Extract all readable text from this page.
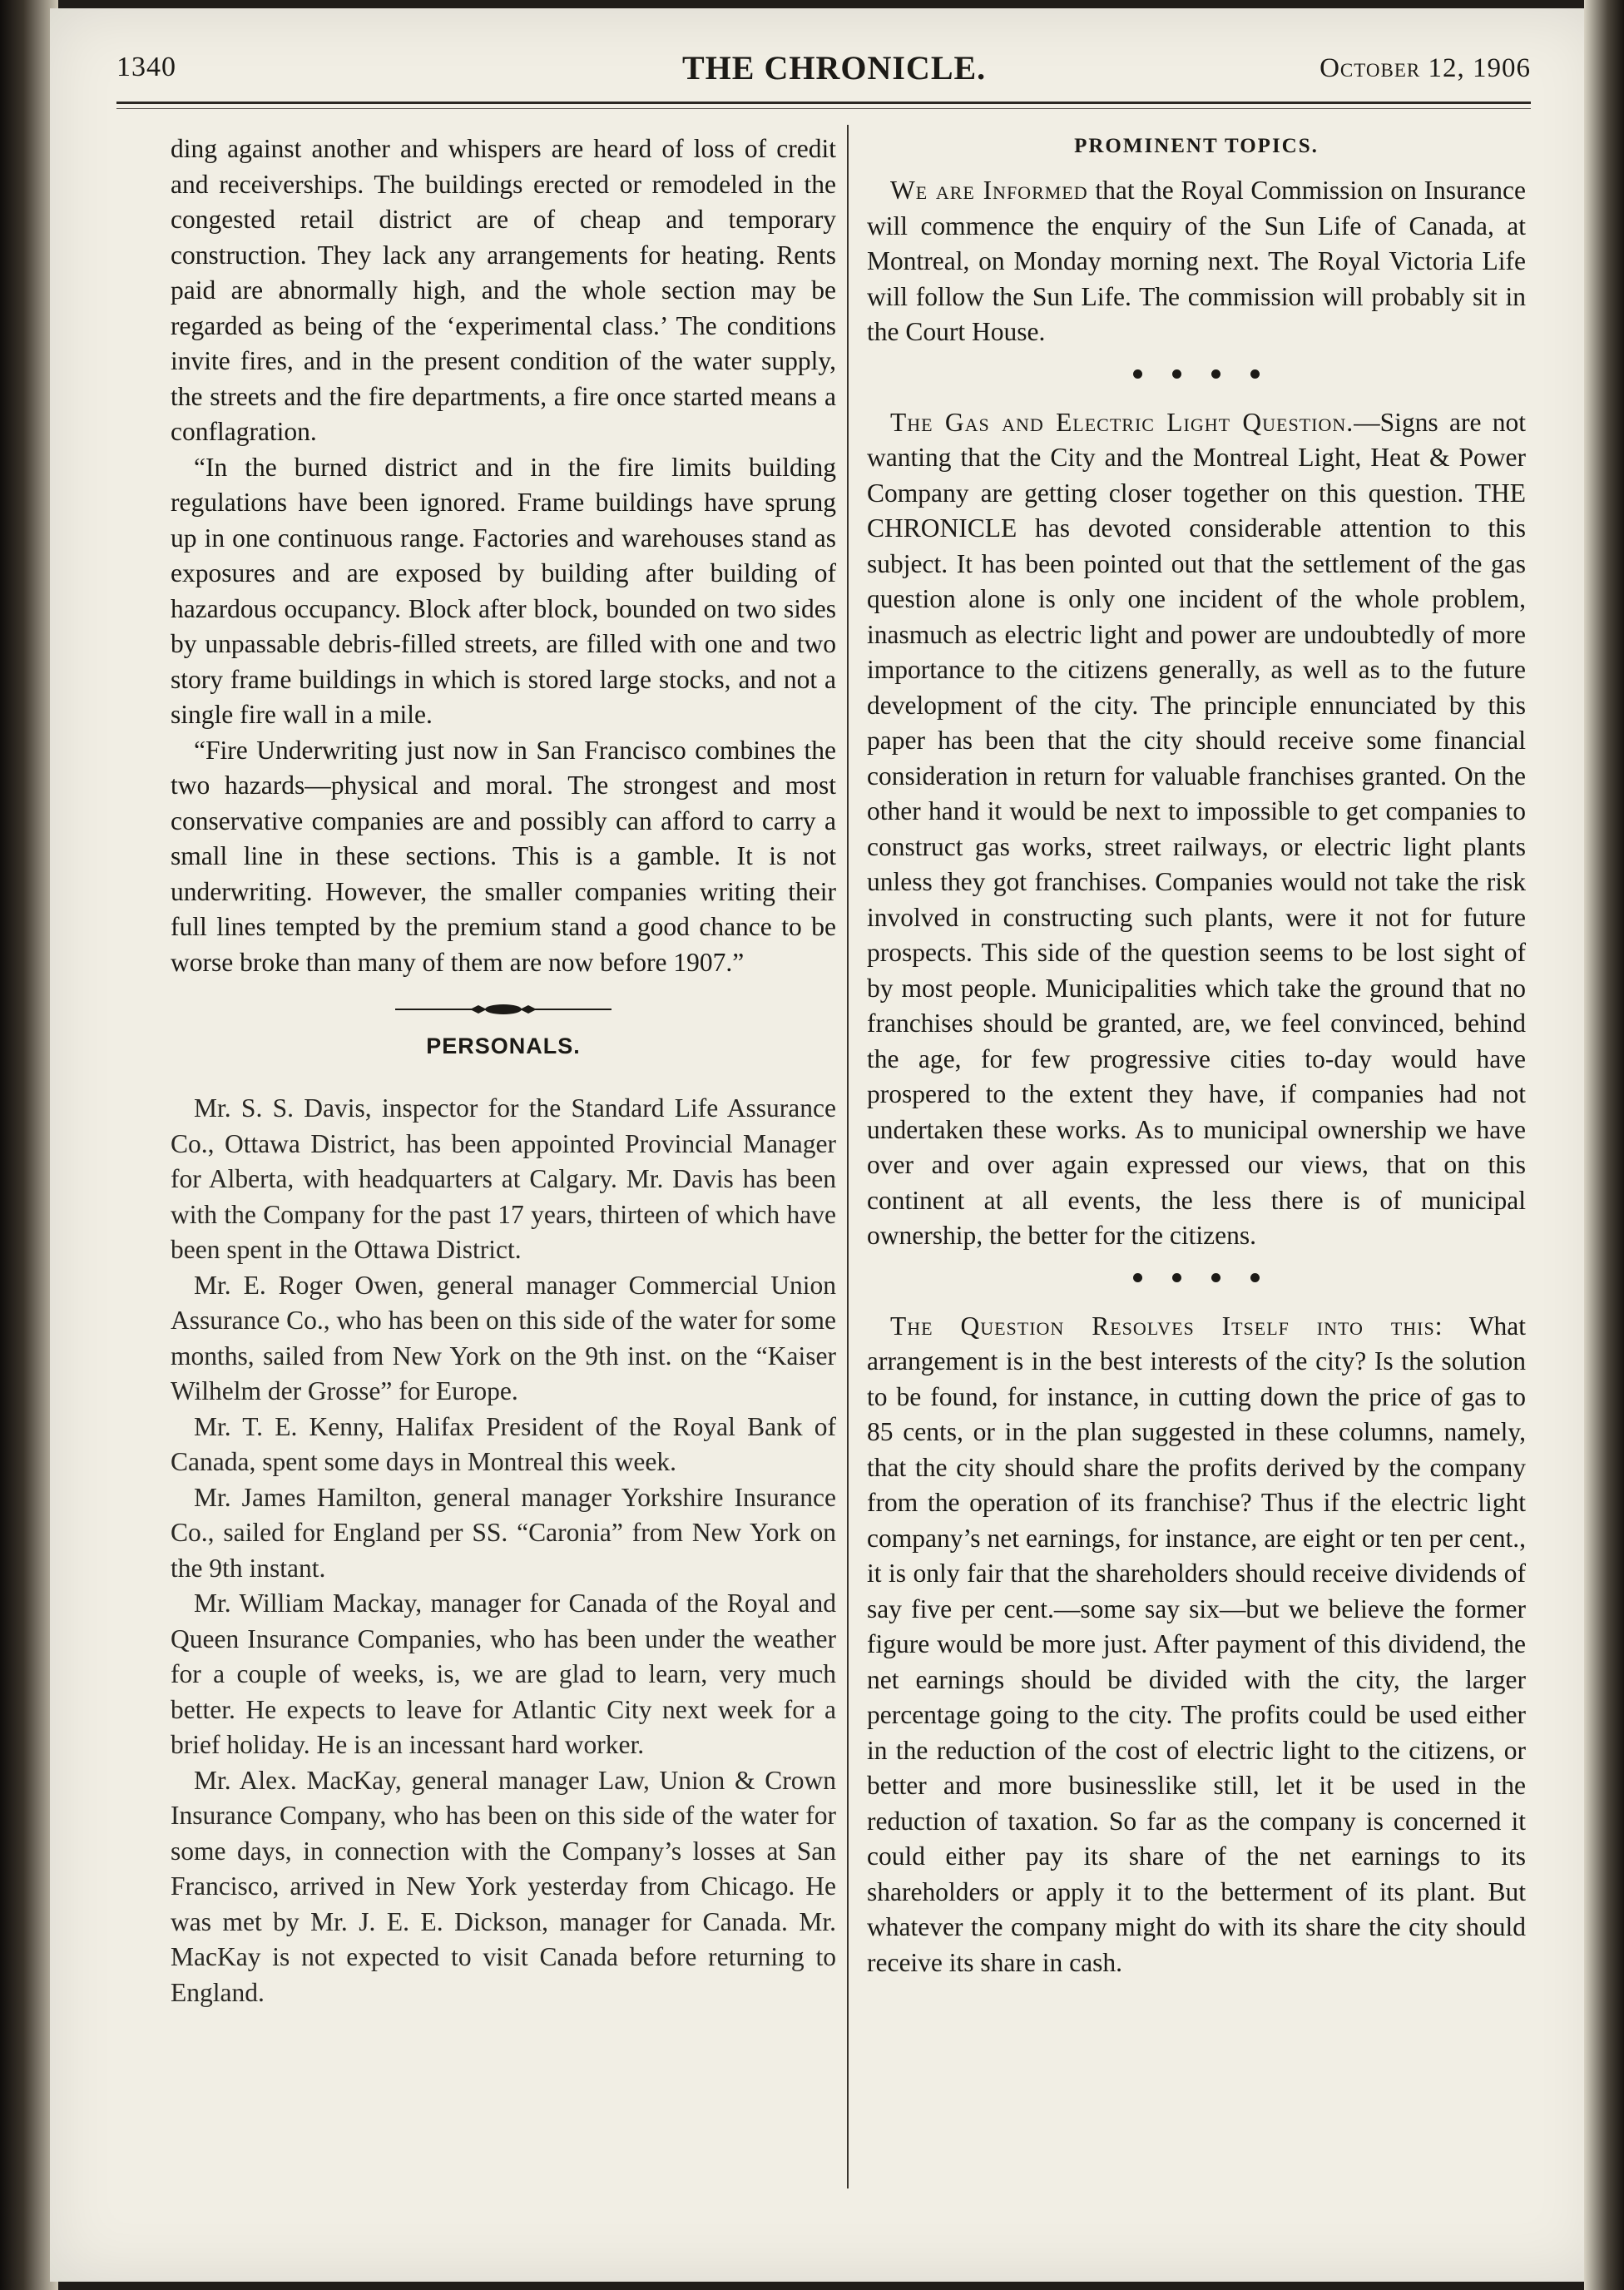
1340	THE CHRONICLE.	October 12, 1906

ding against another and whispers are heard of loss of credit and receiverships. The buildings erected or remodeled in the congested retail district are of cheap and temporary construction. They lack any arrangements for heating. Rents paid are abnormally high, and the whole section may be regarded as being of the ‘experimental class.’ The conditions invite fires, and in the present condition of the water supply, the streets and the fire departments, a fire once started means a conflagration.

“In the burned district and in the fire limits building regulations have been ignored. Frame buildings have sprung up in one continuous range. Factories and warehouses stand as exposures and are exposed by building after building of hazardous occupancy. Block after block, bounded on two sides by unpassable debris-filled streets, are filled with one and two story frame buildings in which is stored large stocks, and not a single fire wall in a mile.

“Fire Underwriting just now in San Francisco combines the two hazards—physical and moral. The strongest and most conservative companies are and possibly can afford to carry a small line in these sections. This is a gamble. It is not underwriting. However, the smaller companies writing their full lines tempted by the premium stand a good chance to be worse broke than many of them are now before 1907.”

PERSONALS.

Mr. S. S. Davis, inspector for the Standard Life Assurance Co., Ottawa District, has been appointed Provincial Manager for Alberta, with headquarters at Calgary. Mr. Davis has been with the Company for the past 17 years, thirteen of which have been spent in the Ottawa District.

Mr. E. Roger Owen, general manager Commercial Union Assurance Co., who has been on this side of the water for some months, sailed from New York on the 9th inst. on the “Kaiser Wilhelm der Grosse” for Europe.

Mr. T. E. Kenny, Halifax President of the Royal Bank of Canada, spent some days in Montreal this week.

Mr. James Hamilton, general manager Yorkshire Insurance Co., sailed for England per SS. “Caronia” from New York on the 9th instant.

Mr. William Mackay, manager for Canada of the Royal and Queen Insurance Companies, who has been under the weather for a couple of weeks, is, we are glad to learn, very much better. He expects to leave for Atlantic City next week for a brief holiday. He is an incessant hard worker.

Mr. Alex. MacKay, general manager Law, Union & Crown Insurance Company, who has been on this side of the water for some days, in connection with the Company’s losses at San Francisco, arrived in New York yesterday from Chicago. He was met by Mr. J. E. E. Dickson, manager for Canada. Mr. MacKay is not expected to visit Canada before returning to England.

PROMINENT TOPICS.

We are Informed that the Royal Commission on Insurance will commence the enquiry of the Sun Life of Canada, at Montreal, on Monday morning next. The Royal Victoria Life will follow the Sun Life. The commission will probably sit in the Court House.

The Gas and Electric Light Question.—Signs are not wanting that the City and the Montreal Light, Heat & Power Company are getting closer together on this question. THE CHRONICLE has devoted considerable attention to this subject. It has been pointed out that the settlement of the gas question alone is only one incident of the whole problem, inasmuch as electric light and power are undoubtedly of more importance to the citizens generally, as well as to the future development of the city. The principle ennunciated by this paper has been that the city should receive some financial consideration in return for valuable franchises granted. On the other hand it would be next to impossible to get companies to construct gas works, street railways, or electric light plants unless they got franchises. Companies would not take the risk involved in constructing such plants, were it not for future prospects. This side of the question seems to be lost sight of by most people. Municipalities which take the ground that no franchises should be granted, are, we feel convinced, behind the age, for few progressive cities to-day would have prospered to the extent they have, if companies had not undertaken these works. As to municipal ownership we have over and over again expressed our views, that on this continent at all events, the less there is of municipal ownership, the better for the citizens.

The Question Resolves Itself into this: What arrangement is in the best interests of the city? Is the solution to be found, for instance, in cutting down the price of gas to 85 cents, or in the plan suggested in these columns, namely, that the city should share the profits derived by the company from the operation of its franchise? Thus if the electric light company’s net earnings, for instance, are eight or ten per cent., it is only fair that the shareholders should receive dividends of say five per cent.—some say six—but we believe the former figure would be more just. After payment of this dividend, the net earnings should be divided with the city, the larger percentage going to the city. The profits could be used either in the reduction of the cost of electric light to the citizens, or better and more businesslike still, let it be used in the reduction of taxation. So far as the company is concerned it could either pay its share of the net earnings to its shareholders or apply it to the betterment of its plant. But whatever the company might do with its share the city should receive its share in cash.
